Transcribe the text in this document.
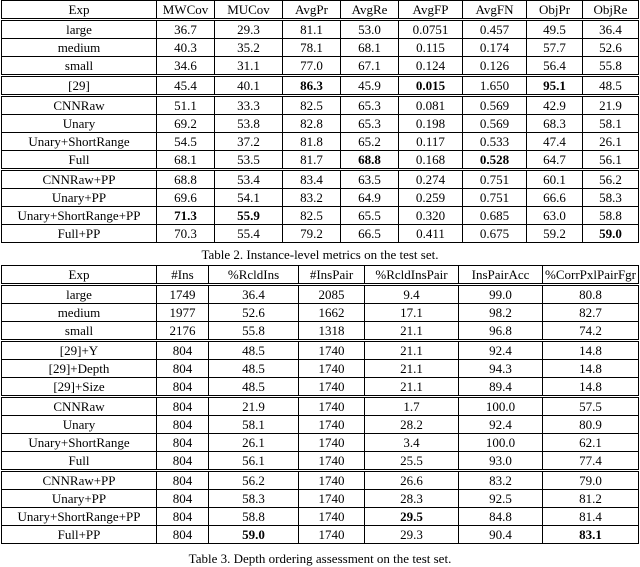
Exp	MWCov	MUCov	AvgPr	AvgRe	AvgFP	AvgFN	ObjPr	ObjRe
large	36.7	29.3	81.1	53.0	0.0751	0.457	49.5	36.4
medium	40.3	35.2	78.1	68.1	0.115	0.174	57.7	52.6
small	34.6	31.1	77.0	67.1	0.124	0.126	56.4	55.8
[29]	45.4	40.1	86.3	45.9	0.015	1.650	95.1	48.5
CNNRaw	51.1	33.3	82.5	65.3	0.081	0.569	42.9	21.9
Unary	69.2	53.8	82.8	65.3	0.198	0.569	68.3	58.1
Unary+ShortRange	54.5	37.2	81.8	65.2	0.117	0.533	47.4	26.1
Full	68.1	53.5	81.7	68.8	0.168	0.528	64.7	56.1
CNNRaw+PP	68.8	53.4	83.4	63.5	0.274	0.751	60.1	56.2
Unary+PP	69.6	54.1	83.2	64.9	0.259	0.751	66.6	58.3
Unary+ShortRange+PP	71.3	55.9	82.5	65.5	0.320	0.685	63.0	58.8
Full+PP	70.3	55.4	79.2	66.5	0.411	0.675	59.2	59.0
Table 2. Instance-level metrics on the test set.
Exp	#Ins	%RcldIns	#InsPair	%RcldInsPair	InsPairAcc	%CorrPxlPairFgr
large	1749	36.4	2085	9.4	99.0	80.8
medium	1977	52.6	1662	17.1	98.2	82.7
small	2176	55.8	1318	21.1	96.8	74.2
[29]+Y	804	48.5	1740	21.1	92.4	14.8
[29]+Depth	804	48.5	1740	21.1	94.3	14.8
[29]+Size	804	48.5	1740	21.1	89.4	14.8
CNNRaw	804	21.9	1740	1.7	100.0	57.5
Unary	804	58.1	1740	28.2	92.4	80.9
Unary+ShortRange	804	26.1	1740	3.4	100.0	62.1
Full	804	56.1	1740	25.5	93.0	77.4
CNNRaw+PP	804	56.2	1740	26.6	83.2	79.0
Unary+PP	804	58.3	1740	28.3	92.5	81.2
Unary+ShortRange+PP	804	58.8	1740	29.5	84.8	81.4
Full+PP	804	59.0	1740	29.3	90.4	83.1
Table 3. Depth ordering assessment on the test set.
